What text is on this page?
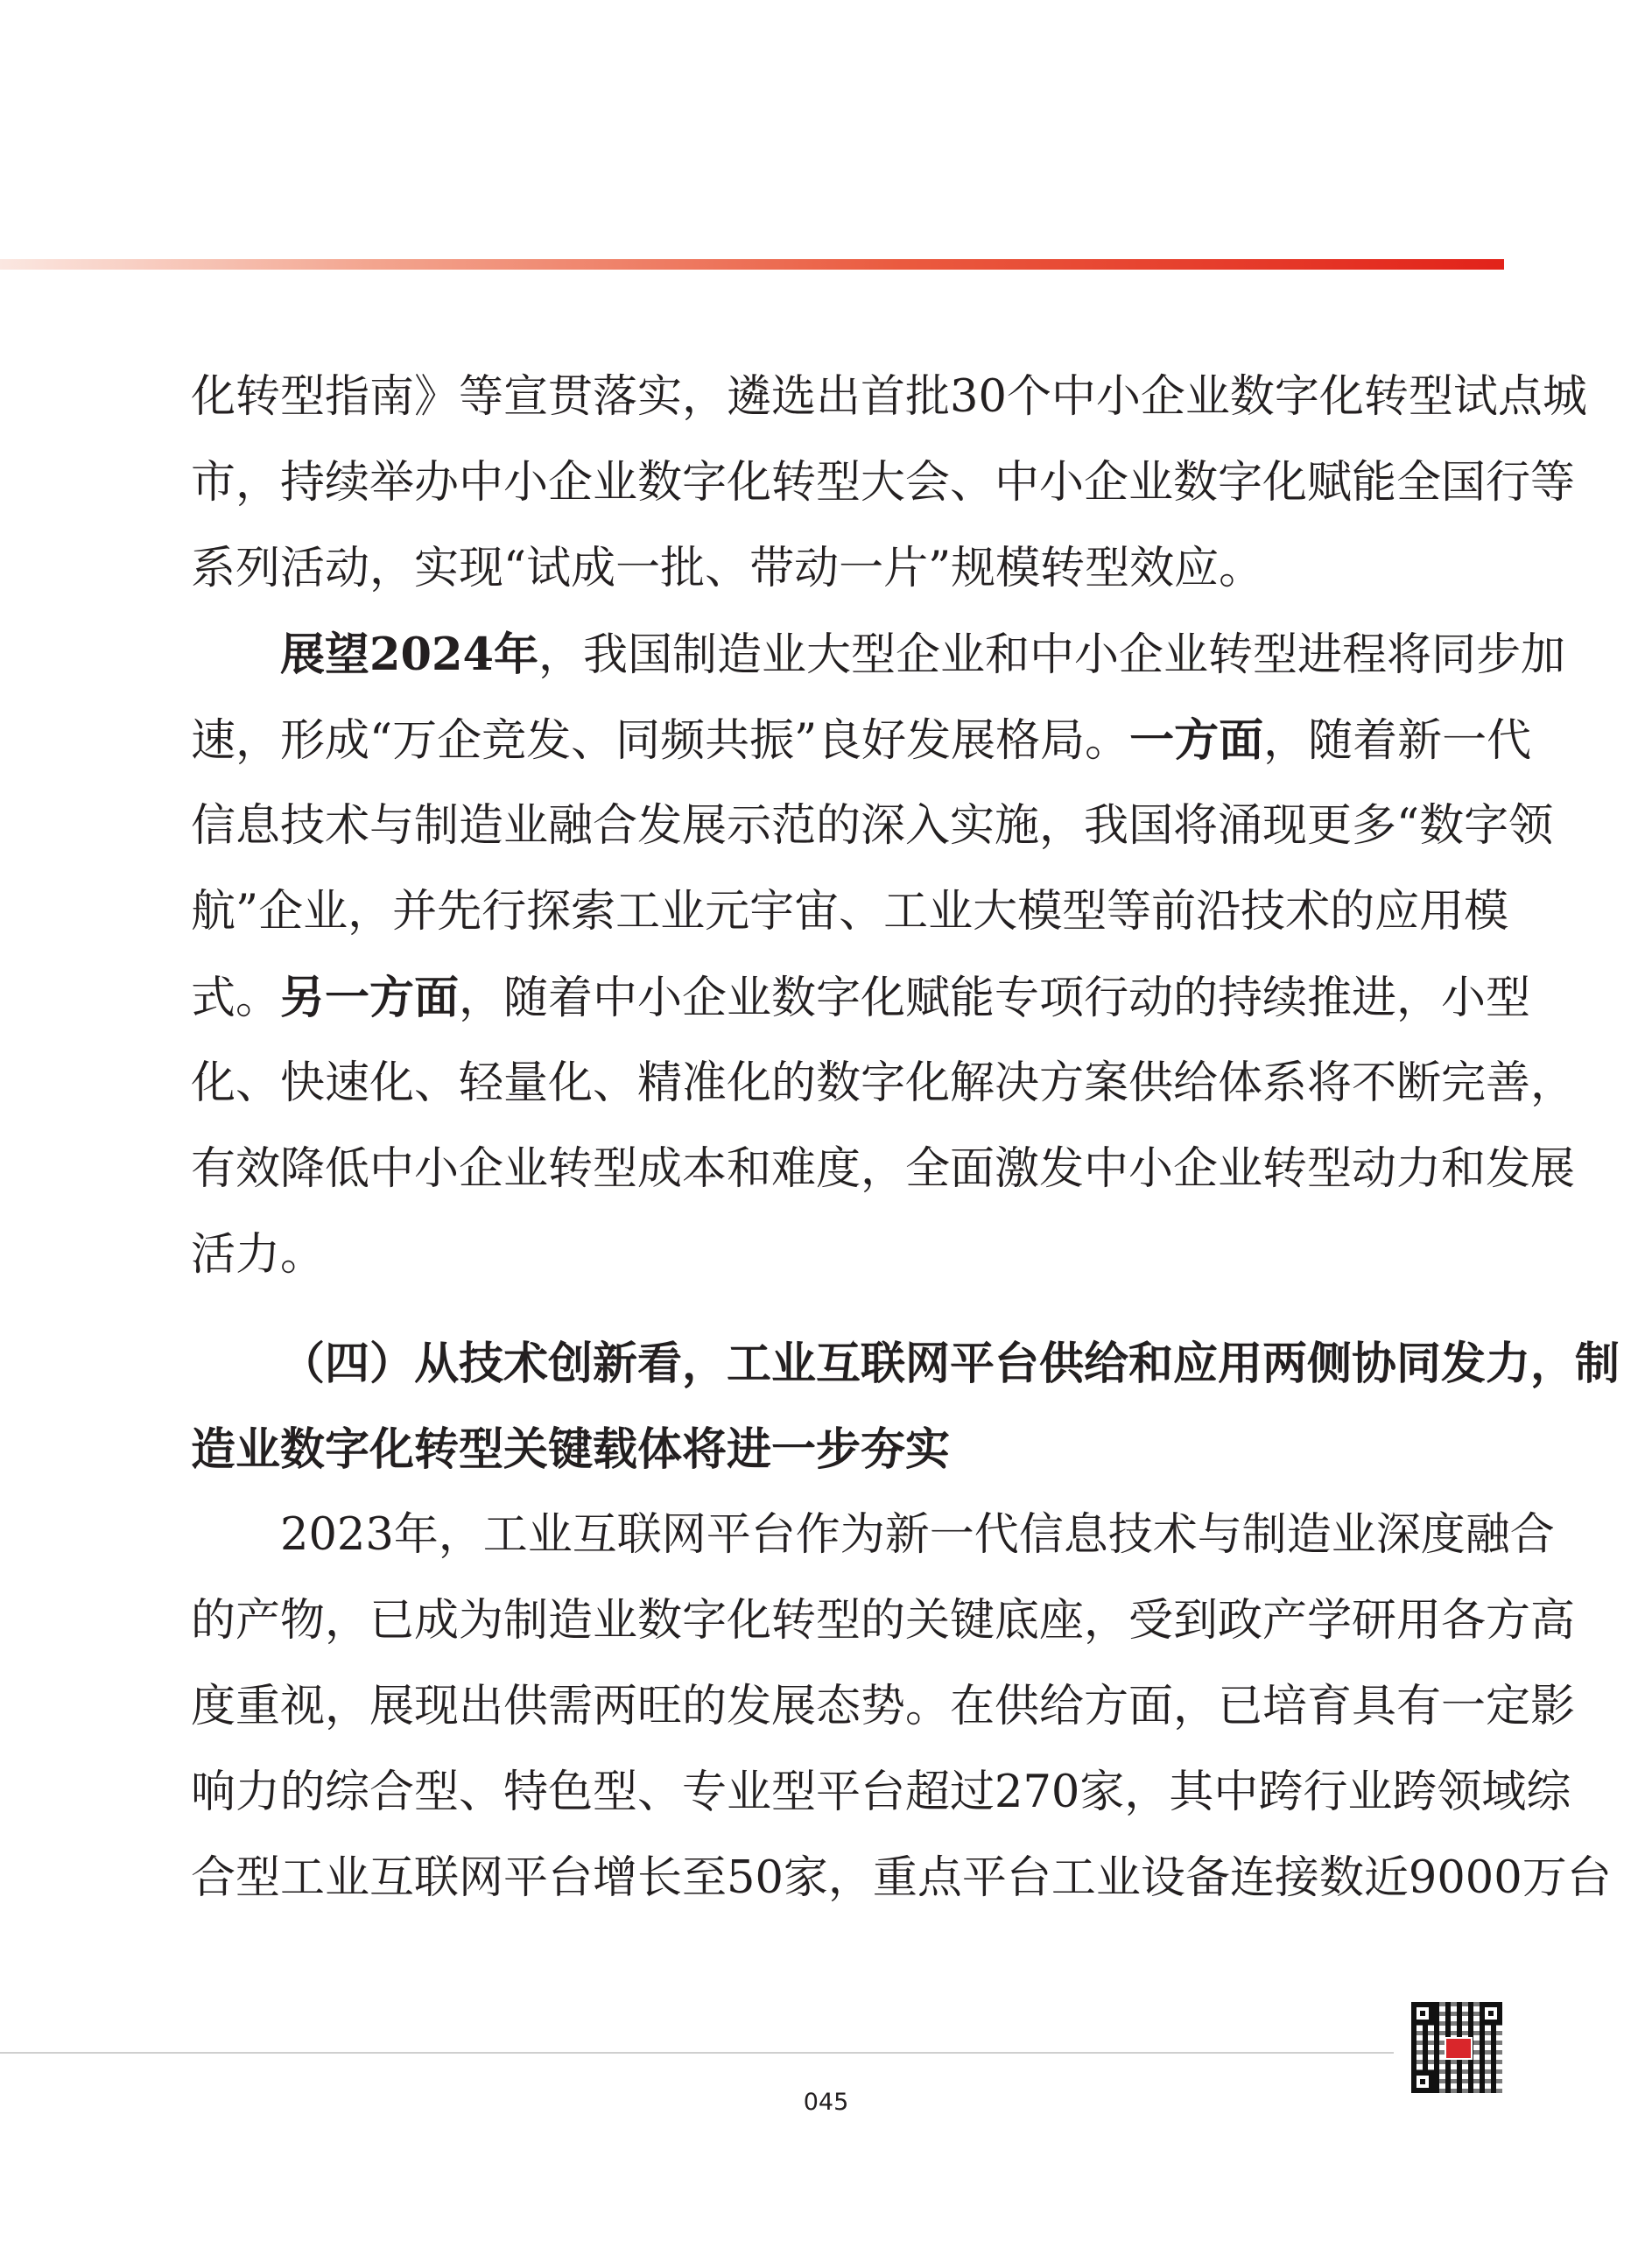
化转型指南》等宣贯落实，遴选出首批30个中小企业数字化转型试点城
市，持续举办中小企业数字化转型大会、中小企业数字化赋能全国行等
系列活动，实现“试成一批、带动一片”规模转型效应。
展望2024年，我国制造业大型企业和中小企业转型进程将同步加
速，形成“万企竞发、同频共振”良好发展格局。一方面，随着新一代
信息技术与制造业融合发展示范的深入实施，我国将涌现更多“数字领
航”企业，并先行探索工业元宇宙、工业大模型等前沿技术的应用模
式。另一方面，随着中小企业数字化赋能专项行动的持续推进，小型
化、快速化、轻量化、精准化的数字化解决方案供给体系将不断完善，
有效降低中小企业转型成本和难度，全面激发中小企业转型动力和发展
活力。
（四）从技术创新看，工业互联网平台供给和应用两侧协同发力，制
造业数字化转型关键载体将进一步夯实
2023年，工业互联网平台作为新一代信息技术与制造业深度融合
的产物，已成为制造业数字化转型的关键底座，受到政产学研用各方高
度重视，展现出供需两旺的发展态势。在供给方面，已培育具有一定影
响力的综合型、特色型、专业型平台超过270家，其中跨行业跨领域综
合型工业互联网平台增长至50家，重点平台工业设备连接数近9000万台
045
